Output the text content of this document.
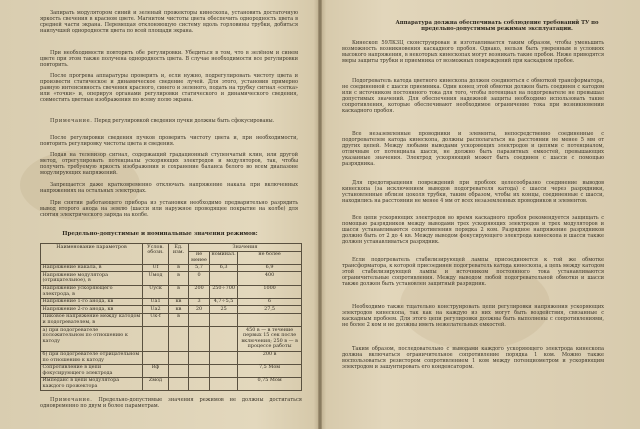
Запирать модулятором синий и зеленый прожекторы кинескопа, установить достаточную яркость свечения в красном цвете. Магнитом чистоты цвета обеспечить однородность цвета в средней части экрана. Перемещая отклоняющую систему вдоль горловины трубки, добиться наилучшей однородности цвета по всей площади экрана.
При необходимости повторить обе регулировки. Убедиться в том, что в зелёном и синем цвете при этом также получена однородность цвета. В случае необходимости все регулировки повторить.
После прогрева аппаратуры проверить и, если нужно, подрегулировать чистоту цвета и произвести статическое и динамическое сведение лучей. Для этого, установив примерно равную интенсивность свечения красного, синего и зеленого, подать на трубку сигнал «сетка» или «точки» и, оперируя органами регулировки статического и динамического сведения, совместить цветные изображения по всему полю экрана.
Примечание. Перед регулировкой сведения пучки должны быть сфокусированы.
После регулировки сведения пучков проверить чистоту цвета и, при необходимости, повторить регулировку чистоты цвета и сведения.
Подав на телевизор сигнал, содержащий градационный ступенчатый клин, или другой метод, отрегулировать потенциалы ускоряющих электродов и модуляторов, так, чтобы получить требуемую яркость изображения и сохранение баланса белого во всем диапазоне модулирующих напряжений.
Запрещается даже кратковременно отключать напряжение накала при включенных напряжениях на остальных электродах.
При снятии работающего прибора из установки необходимо предварительно разрядить вывод второго анода на землю (шасси или наружное проводящее покрытие на колбе) для снятия электрического заряда на колбе.
Предельно-допустимые и номинальные значения режимов:
Наименование параметров	Услов. обозн.	Ед. изм.	Значения		
			не менее	номинал.	не более
Напряжение накала, в	Uf	в	5,7	6,3	6,9
Напряжение модулятора (отрицательное), в	Uмод	в	0		400
Напряжение ускоряющего электрода, в	Uуск	в	200	250÷700	1000
Напряжение 1-го анода, кв	Ua1	кв	3	4,7÷5,5	6
Напряжение 2-го анода, кв	Ua2	кв	20	25	27,5
Пиковое напряжение между катодом и подогревателем, в	Uк-f	в			
а) при подогревателе положительном по отношению к катоду					450 в — в течение первых 15 сек после включения; 250 в — в процессе работы
б) при подогревателе отрицательном по отношению к катоду					200 в
Сопротивление в цепи фокусирующего электрода	Rф				7,5 Мом
Импеданс в цепи модулятора каждого прожектора	Zмод				0,75 Мом
Примечание. Предельно-допустимые значения режимов не должны достигаться одновременно по двум и более параметрам.
Аппаратура должна обеспечивать соблюдение требований ТУ по предельно-допустимым режимам эксплуатации.
Кинескоп 59ЛК3Ц сконструирован и изготавливается таким образом, чтобы уменьшить возможность возникновения каскадного пробоя. Однако, нельзя быть уверенным в условиях высокого напряжения, в некоторых кинескопах могут возникать такие пробои. Ниже приводятся меры защиты трубки и приемника от возможных повреждений при каскадном пробое.
Подогреватель катода цветного кинескопа должен соединяться с обмоткой трансформатора, не соединенной с шасси приемника. Один конец этой обмотки должен быть соединен с катодом или с источником постоянного тока для того, чтобы потенциал на подогревателе не превышал допустимых значений. Для обеспечения надежной защиты необходимо использовать такие сопротивления, которые обеспечивают необходимое ограничение тока при возникновении каскадного пробоя.
Все незаземленные проводники и элементы, непосредственно соединенные с подогревателем катода кинескопа, должны располагаться на расстоянии не менее 5 мм от других цепей. Между любыми выводами ускоряющих электродов и цепями с потенциалом, отличным от потенциала шасси, не должно быть паразитных емкостей, превышающих указанные значения. Электрод ускоряющий может быть соединен с шасси с помощью разрядника.
Для предотвращения повреждений при пробоях целесообразно соединение выводов кинескопа (за исключением выводов подогревателя катода) с шасси через разрядники, установленные вблизи цоколя трубки, таким образом, чтобы их концы, соединенные с шасси, находились на расстоянии не менее 4 мм от всех незаземленных проводников и элементов.
Все цепи ускоряющих электродов во время каскадного пробоя рекомендуется защищать с помощью разрядников между выводами трех ускоряющих электродов и трех модуляторов и шасси устанавливаются сопротивления порядка 2 ком. Разрядное напряжение разрядников должно быть от 2 до 4 кв. Между выводом фокусирующего электрода кинескопа и шасси также должен устанавливаться разрядник.
Если подогреватель стабилизирующей лампы присоединяется к той же обмотке трансформатора, к которой присоединен подогреватель катода кинескопа, а цепь между катодом этой стабилизирующей лампы и источником постоянного тока устанавливаются ограничительные сопротивления. Между выводом любой подогревательной обмотки и шасси также должен быть установлен защитный разрядник.
Необходимо также тщательно конструировать цепи регулировки напряжения ускоряющих электродов кинескопа, так как на каждую из них могут быть воздействия, связанные с каскадным пробоем. Для этого цепи регулировки должны быть выполнены с сопротивлениями, не более 2 ком и не должны иметь нежелательных емкостей.
Таким образом, последовательно с выводами каждого ускоряющего электрода кинескопа должна включаться ограничительное сопротивление порядка 1 ком. Можно также воспользоваться резистором сопротивлением 1 ком между потенциометром и ускоряющим электродом и зашунтировать его конденсатором.
